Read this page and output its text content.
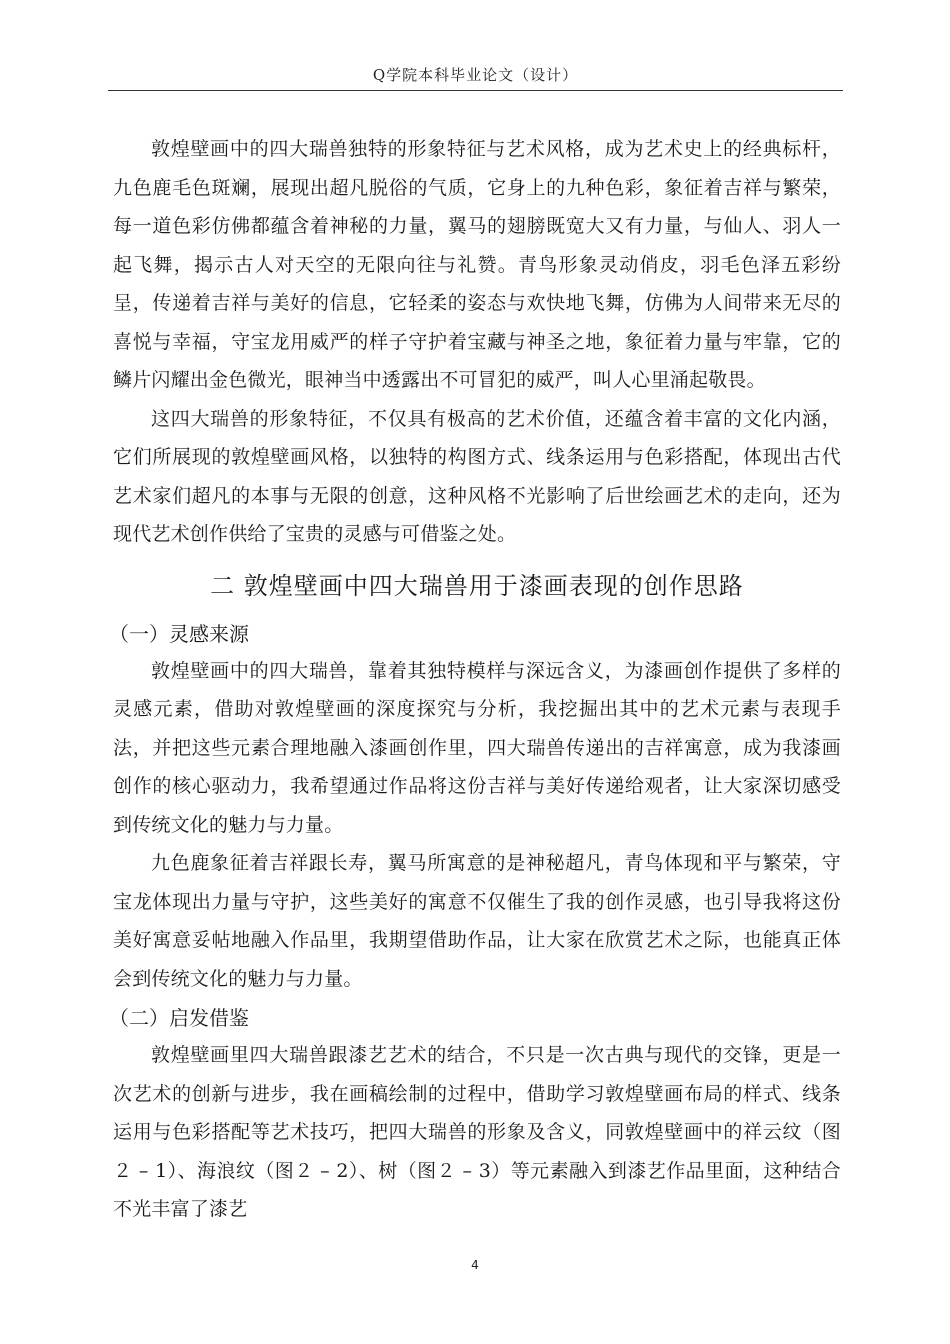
Q学院本科毕业论文（设计）

敦煌壁画中的四大瑞兽独特的形象特征与艺术风格，成为艺术史上的经典标杆，九色鹿毛色斑斓，展现出超凡脱俗的气质，它身上的九种色彩，象征着吉祥与繁荣，每一道色彩仿佛都蕴含着神秘的力量，翼马的翅膀既宽大又有力量，与仙人、羽人一起飞舞，揭示古人对天空的无限向往与礼赞。青鸟形象灵动俏皮，羽毛色泽五彩纷呈，传递着吉祥与美好的信息，它轻柔的姿态与欢快地飞舞，仿佛为人间带来无尽的喜悦与幸福，守宝龙用威严的样子守护着宝藏与神圣之地，象征着力量与牢靠，它的鳞片闪耀出金色微光，眼神当中透露出不可冒犯的威严，叫人心里涌起敬畏。

这四大瑞兽的形象特征，不仅具有极高的艺术价值，还蕴含着丰富的文化内涵，它们所展现的敦煌壁画风格，以独特的构图方式、线条运用与色彩搭配，体现出古代艺术家们超凡的本事与无限的创意，这种风格不光影响了后世绘画艺术的走向，还为现代艺术创作供给了宝贵的灵感与可借鉴之处。

二 敦煌壁画中四大瑞兽用于漆画表现的创作思路
（一）灵感来源

敦煌壁画中的四大瑞兽，靠着其独特模样与深远含义，为漆画创作提供了多样的灵感元素，借助对敦煌壁画的深度探究与分析，我挖掘出其中的艺术元素与表现手法，并把这些元素合理地融入漆画创作里，四大瑞兽传递出的吉祥寓意，成为我漆画创作的核心驱动力，我希望通过作品将这份吉祥与美好传递给观者，让大家深切感受到传统文化的魅力与力量。

九色鹿象征着吉祥跟长寿，翼马所寓意的是神秘超凡，青鸟体现和平与繁荣，守宝龙体现出力量与守护，这些美好的寓意不仅催生了我的创作灵感，也引导我将这份美好寓意妥帖地融入作品里，我期望借助作品，让大家在欣赏艺术之际，也能真正体会到传统文化的魅力与力量。

（二）启发借鉴

敦煌壁画里四大瑞兽跟漆艺艺术的结合，不只是一次古典与现代的交锋，更是一次艺术的创新与进步，我在画稿绘制的过程中，借助学习敦煌壁画布局的样式、线条运用与色彩搭配等艺术技巧，把四大瑞兽的形象及含义，同敦煌壁画中的祥云纹（图２ – 1）、海浪纹（图２ – 2）、树（图２ – 3）等元素融入到漆艺作品里面，这种结合不光丰富了漆艺

4
